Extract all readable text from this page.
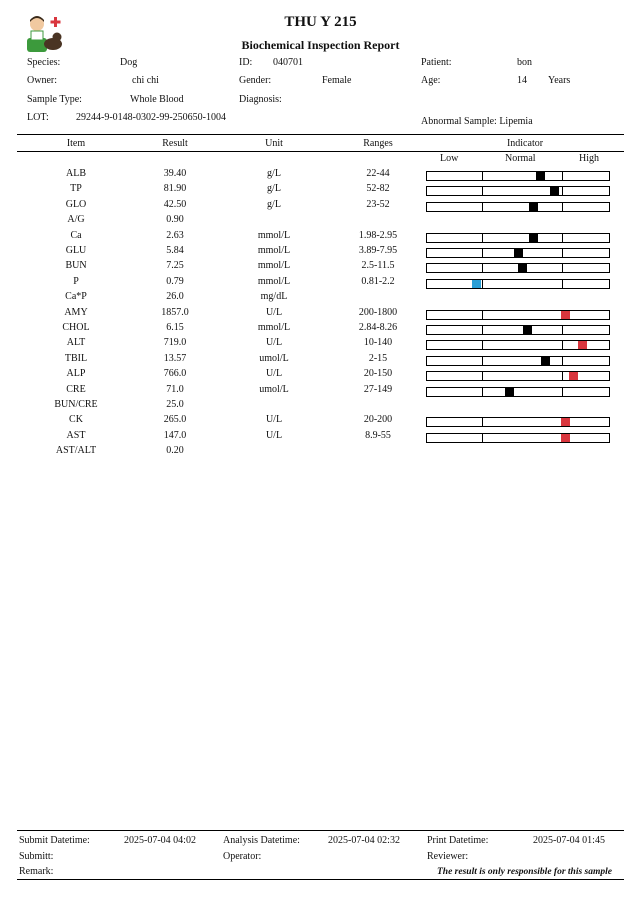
THU Y 215
Biochemical Inspection Report
Species:	Dog	ID: 040701	Patient:	bon
Owner:	chi chi	Gender:	Female	Age:	14 Years
Sample Type:	Whole Blood	Diagnosis:
LOT:	29244-9-0148-0302-99-250650-1004	Abnormal Sample: Lipemia
Item	Result	Unit	Ranges	Indicator
Low	Normal	High
ALB	39.40	g/L	22-44
TP	81.90	g/L	52-82
GLO	42.50	g/L	23-52
A/G	0.90
Ca	2.63	mmol/L	1.98-2.95
GLU	5.84	mmol/L	3.89-7.95
BUN	7.25	mmol/L	2.5-11.5
P	0.79	mmol/L	0.81-2.2
Ca*P	26.0	mg/dL
AMY	1857.0	U/L	200-1800
CHOL	6.15	mmol/L	2.84-8.26
ALT	719.0	U/L	10-140
TBIL	13.57	umol/L	2-15
ALP	766.0	U/L	20-150
CRE	71.0	umol/L	27-149
BUN/CRE	25.0
CK	265.0	U/L	20-200
AST	147.0	U/L	8.9-55
AST/ALT	0.20
Submit Datetime:	2025-07-04 04:02	Analysis Datetime:	2025-07-04 02:32	Print Datetime:	2025-07-04 01:45
Submitt:	Operator:	Reviewer:
Remark:	The result is only responsible for this sample
